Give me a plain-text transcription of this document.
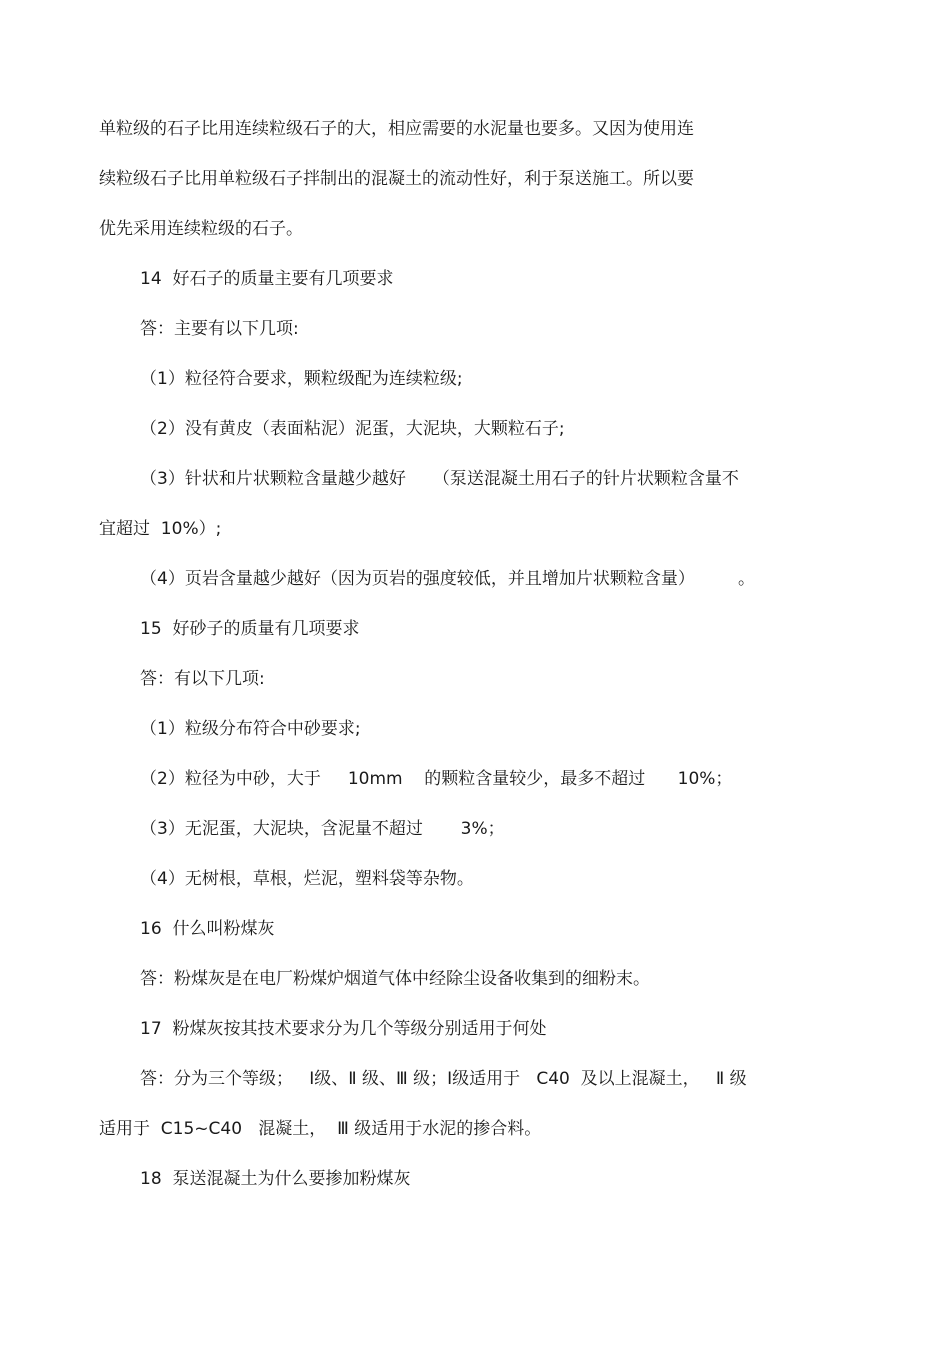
单粒级的石子比用连续粒级石子的大，相应需要的水泥量也要多。又因为使用连
续粒级石子比用单粒级石子拌制出的混凝土的流动性好，利于泵送施工。所以要
优先采用连续粒级的石子。
14  好石子的质量主要有几项要求
答：主要有以下几项:
（1）粒径符合要求，颗粒级配为连续粒级;
（2）没有黄皮（表面粘泥）泥蛋，大泥块，大颗粒石子;
（3）针状和片状颗粒含量越少越好     （泵送混凝土用石子的针片状颗粒含量不
宜超过  10%）;
（4）页岩含量越少越好（因为页岩的强度较低，并且增加片状颗粒含量）        。
15  好砂子的质量有几项要求
答：有以下几项:
（1）粒级分布符合中砂要求;
（2）粒径为中砂，大于     10mm    的颗粒含量较少，最多不超过      10%；
（3）无泥蛋，大泥块，含泥量不超过       3%；
（4）无树根，草根，烂泥，塑料袋等杂物。
16  什么叫粉煤灰
答：粉煤灰是在电厂粉煤炉烟道气体中经除尘设备收集到的细粉末。
17  粉煤灰按其技术要求分为几个等级分别适用于何处
答：分为三个等级；   Ⅰ级、Ⅱ 级、Ⅲ 级；Ⅰ级适用于   C40  及以上混凝土，   Ⅱ 级
适用于  C15~C40   混凝土，  Ⅲ 级适用于水泥的掺合料。
18  泵送混凝土为什么要掺加粉煤灰
